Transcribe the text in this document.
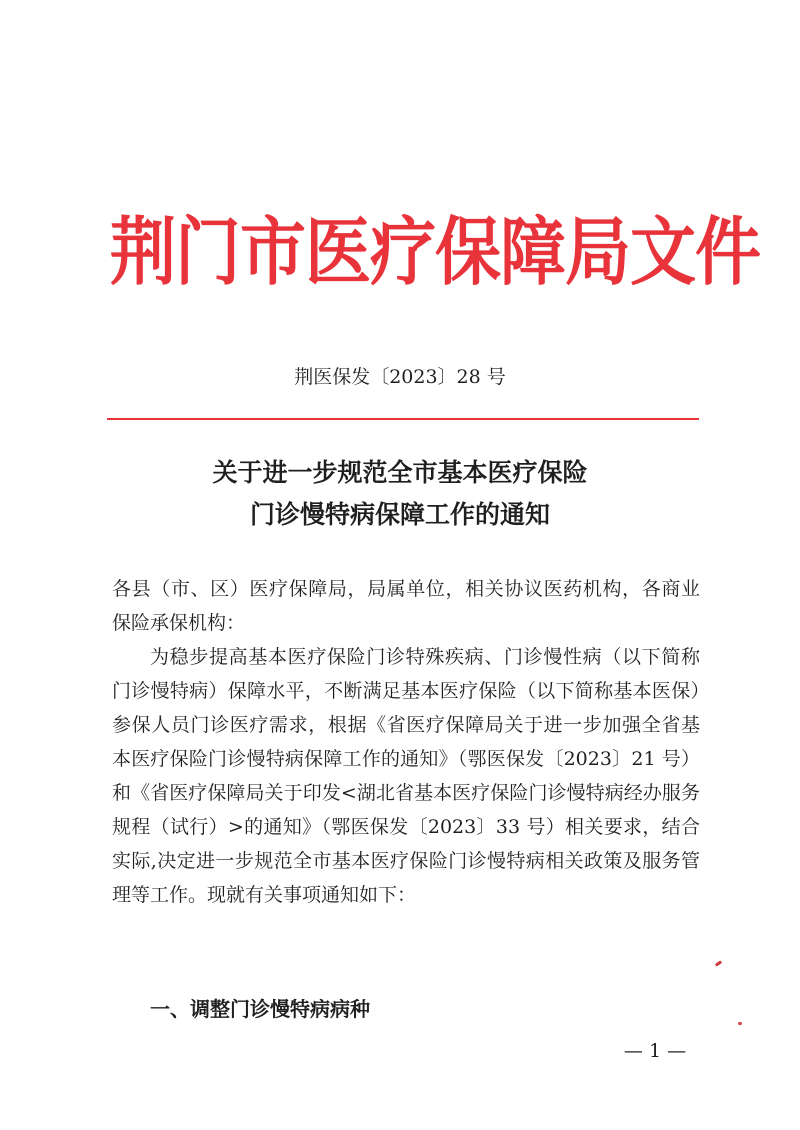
荆门市医疗保障局文件

荆医保发〔2023〕28 号

关于进一步规范全市基本医疗保险
门诊慢特病保障工作的通知

各县（市、区）医疗保障局，局属单位，相关协议医药机构，各商业保险承保机构：

为稳步提高基本医疗保险门诊特殊疾病、门诊慢性病（以下简称门诊慢特病）保障水平，不断满足基本医疗保险（以下简称基本医保）参保人员门诊医疗需求，根据《省医疗保障局关于进一步加强全省基本医疗保险门诊慢特病保障工作的通知》（鄂医保发〔2023〕21 号）和《省医疗保障局关于印发<湖北省基本医疗保险门诊慢特病经办服务规程（试行）>的通知》（鄂医保发〔2023〕33 号）相关要求，结合实际,决定进一步规范全市基本医疗保险门诊慢特病相关政策及服务管理等工作。现就有关事项通知如下：

一、调整门诊慢特病病种

— 1 —
